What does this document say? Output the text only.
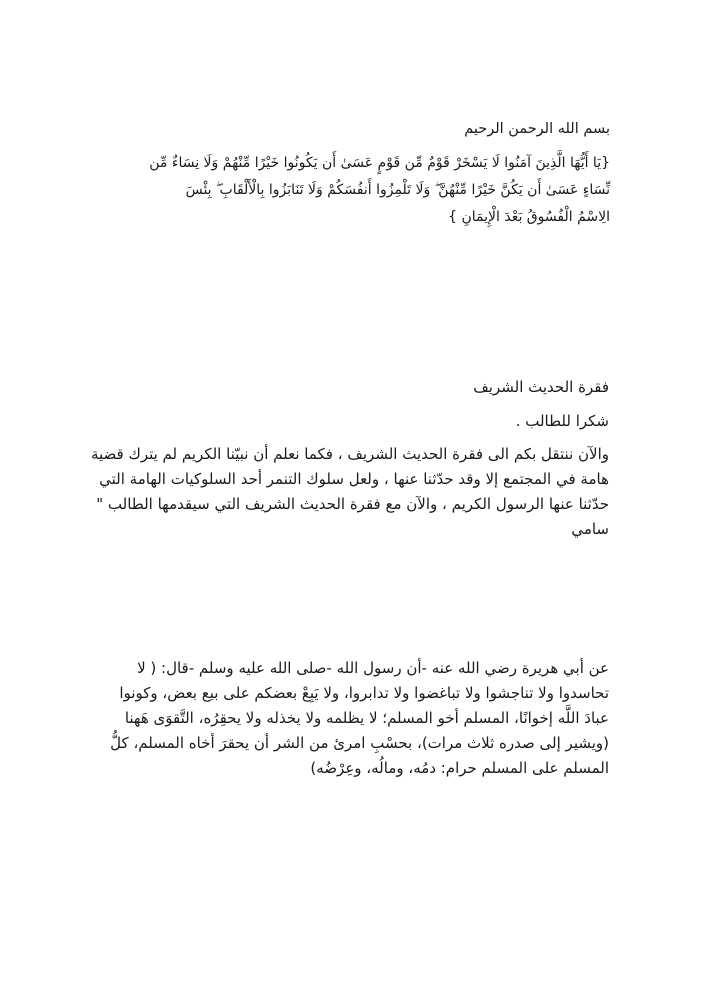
بسم الله الرحمن الرحيم

{يَا أَيُّهَا الَّذِينَ آمَنُوا لَا يَسْخَرْ قَوْمٌ مِّن قَوْمٍ عَسَىٰ أَن يَكُونُوا خَيْرًا مِّنْهُمْ وَلَا نِسَاءٌ مِّن
نِّسَاءٍ عَسَىٰ أَن يَكُنَّ خَيْرًا مِّنْهُنَّ ۖ وَلَا تَلْمِزُوا أَنفُسَكُمْ وَلَا تَنَابَزُوا بِالْأَلْقَابِ ۖ بِئْسَ
الِاسْمُ الْفُسُوقُ بَعْدَ الْإِيمَانِ }

فقرة الحديث الشريف

شكرا للطالب .

والآن ننتقل بكم الى فقرة الحديث الشريف ، فكما نعلم أن نبيّنا الكريم لم يترك قضية
هامة في المجتمع إلا وقد حدّثنا عنها ، ولعل سلوك التنمر أحد السلوكيات الهامة التي
حدّثنا عنها الرسول الكريم ، والآن مع فقرة الحديث الشريف التي سيقدمها الطالب "
سامي

عن أبي هريرة رضي الله عنه -أن رسول الله -صلى الله عليه وسلم -قال: ( لا
تحاسدوا ولا تناجشوا ولا تباغضوا ولا تدابروا، ولا يَبِعْ بعضكم على بيع بعض، وكونوا
عبادَ اللَّه إخوانًا، المسلم أخو المسلم؛ لا يظلمه ولا يخذله ولا يحقِرُه، التَّقوَى هَهنا
(ويشير إلى صدره ثلاث مرات)، بحسْبِ امرئ من الشر أن يحقرَ أخاه المسلم، كلُّ
المسلم على المسلم حرام: دمُه، ومالُه، وعِرْضُه)
